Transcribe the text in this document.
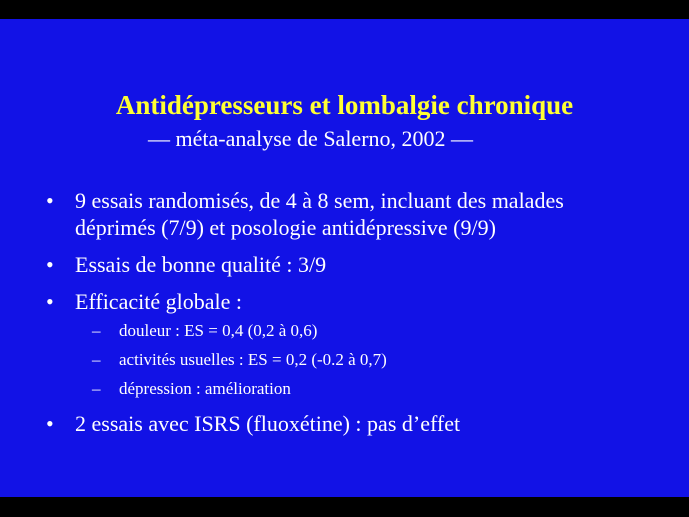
Antidépresseurs et lombalgie chronique
— méta-analyse de Salerno, 2002 —
• 9 essais randomisés, de 4 à 8 sem, incluant des malades déprimés (7/9) et posologie antidépressive (9/9)
• Essais de bonne qualité : 3/9
• Efficacité globale :
– douleur : ES = 0,4 (0,2 à 0,6)
– activités usuelles : ES = 0,2 (-0.2 à 0,7)
– dépression : amélioration
• 2 essais avec ISRS (fluoxétine) : pas d’effet
